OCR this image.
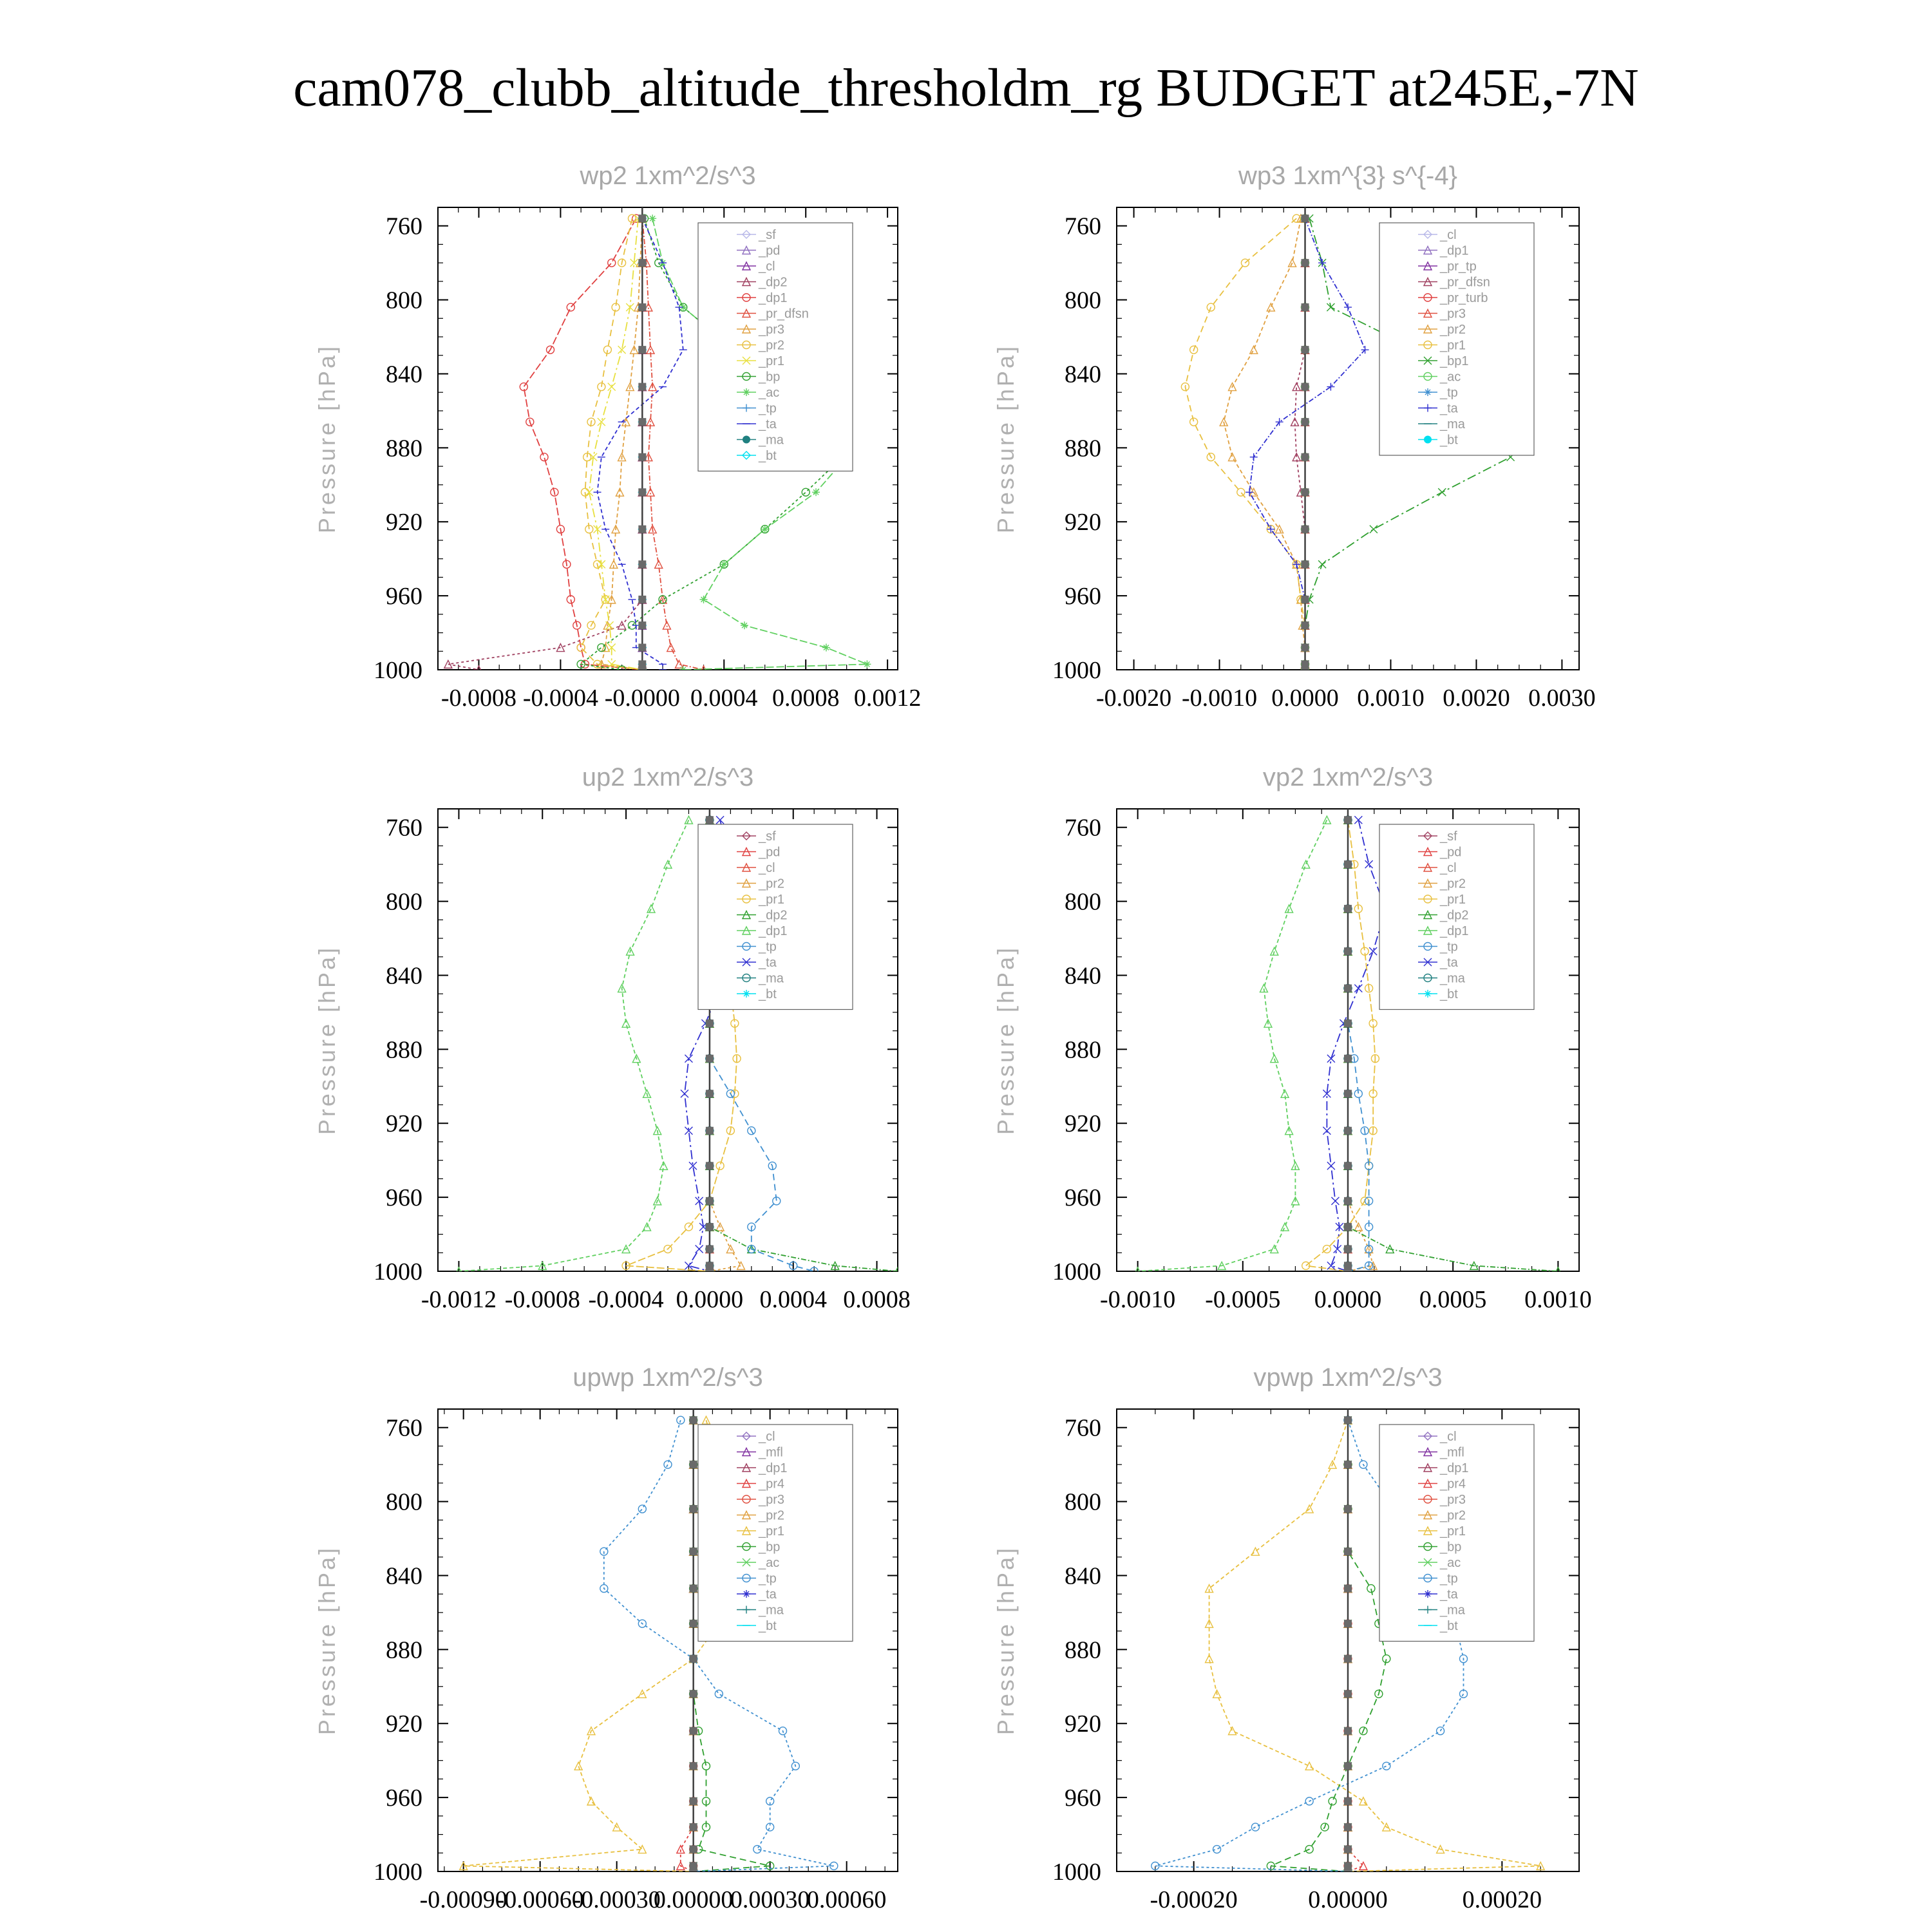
cam078_clubb_altitude_thresholdm_rg BUDGET at245E,-7N
wp2 1xm^2/s^3
Pressure [hPa]
760
800
840
880
920
960
1000
-0.0008 -0.0004 -0.0000 0.0004 0.0008 0.0012
_sf
_pd
_cl
_dp2
_dp1
_pr_dfsn
_pr3
_pr2
_pr1
_bp
_ac
_tp
_ta
_ma
_bt
wp3 1xm^{3} s^{-4}
Pressure [hPa]
760
800
840
880
920
960
1000
-0.0020 -0.0010 0.0000 0.0010 0.0020 0.0030
_cl
_dp1
_pr_tp
_pr_dfsn
_pr_turb
_pr3
_pr2
_pr1
_bp1
_ac
_tp
_ta
_ma
_bt
up2 1xm^2/s^3
Pressure [hPa]
760
800
840
880
920
960
1000
-0.0012 -0.0008 -0.0004 0.0000 0.0004 0.0008
_sf
_pd
_cl
_pr2
_pr1
_dp2
_dp1
_tp
_ta
_ma
_bt
vp2 1xm^2/s^3
Pressure [hPa]
760
800
840
880
920
960
1000
-0.0010 -0.0005 0.0000 0.0005 0.0010
_sf
_pd
_cl
_pr2
_pr1
_dp2
_dp1
_tp
_ta
_ma
_bt
upwp 1xm^2/s^3
Pressure [hPa]
760
800
840
880
920
960
1000
-0.00090
-0.00060
-0.00030
0.00000
0.00030
0.00060
_cl
_mfl
_dp1
_pr4
_pr3
_pr2
_pr1
_bp
_ac
_tp
_ta
_ma
_bt
vpwp 1xm^2/s^3
Pressure [hPa]
760
800
840
880
920
960
1000
-0.00020	0.00000	0.00020
_cl
_mfl
_dp1
_pr4
_pr3
_pr2
_pr1
_bp
_ac
_tp
_ta
_ma
_bt
